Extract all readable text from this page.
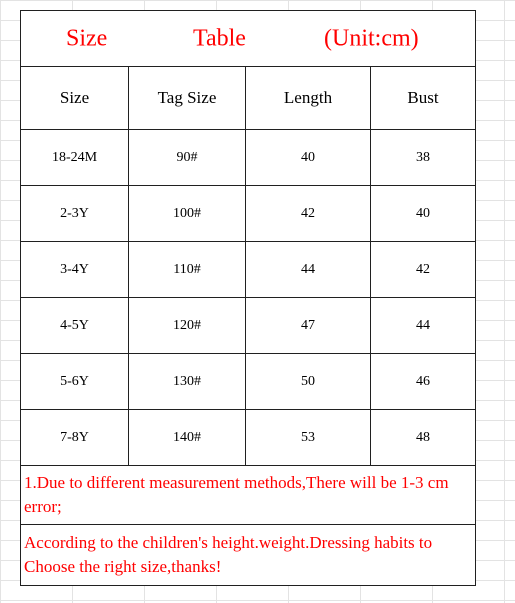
Size Table (Unit:cm)			

Size	Tag Size	Length	Bust
18-24M	90#	40	38
2-3Y	100#	42	40
3-4Y	110#	44	42
4-5Y	120#	47	44
5-6Y	130#	50	46
7-8Y	140#	53	48
1.Due to different measurement methods,There will be 1-3 cm error;			
According to the children's height.weight.Dressing habits to Choose the right size,thanks!			
